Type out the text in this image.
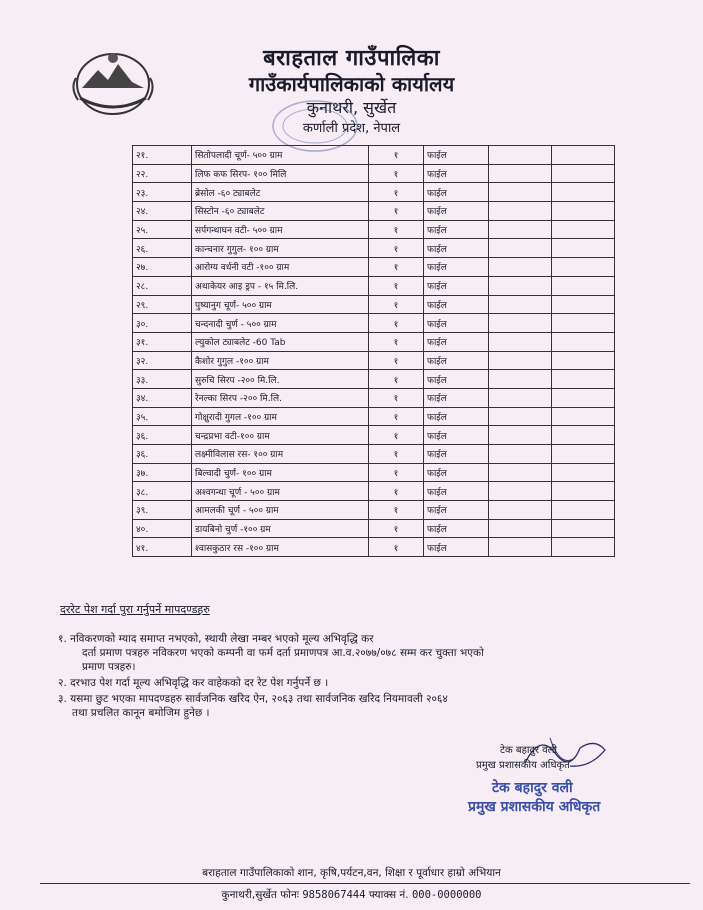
बराहताल गाउँपालिका
गाउँकार्यपालिकाको कार्यालय
कुनाथरी, सुर्खेत
कर्णाली प्रदेश, नेपाल
२१.	सितोपलादी चूर्ण- ५०० ग्राम	१	फाईल		
२२.	लिफ कफ सिरप- १०० मिलि	१	फाईल		
२३.	ब्रेसोल -६० ट्याबलेट	१	फाईल		
२४.	सिस्टोन -६० ट्याबलेट	१	फाईल		
२५.	सर्पगन्धाघन वटी- ५०० ग्राम	१	फाईल		
२६.	कान्चनार गुगुल- १०० ग्राम	१	फाईल		
२७.	आरोग्य वर्धनी वटी -१०० ग्राम	१	फाईल		
२८.	अथाकेयर आइ ड्रप - १५ मि.लि.	१	फाईल		
२९.	पुष्यानुग चूर्ण- ५०० ग्राम	१	फाईल		
३०.	चन्दनादी चुर्ण - ५०० ग्राम	१	फाईल		
३१.	ल्युकोल ट्याबलेट -60 Tab	१	फाईल		
३२.	कैशोर गुगुल -१०० ग्राम	१	फाईल		
३३.	सुरुचि सिरप -२०० मि.लि.	१	फाईल		
३४.	रेनल्का सिरप -२०० मि.लि.	१	फाईल		
३५.	गोक्षुरादी गुगल -१०० ग्राम	१	फाईल		
३६.	चन्द्रप्रभा वटी-१०० ग्राम	१	फाईल		
३६.	लक्ष्मीविलास रस- १०० ग्राम	१	फाईल		
३७.	बिल्वादी चुर्ण- १०० ग्राम	१	फाईल		
३८.	अश्वगन्धा चूर्ण - ५०० ग्राम	१	फाईल		
३९.	आमलकी चूर्ण - ५०० ग्राम	१	फाईल		
४०.	डायबिनो चुर्ण -१०० ग्रम	१	फाईल		
४१.	श्वासकुठार रस -१०० ग्राम	१	फाईल		
दररेट पेश गर्दा पुरा गर्नुपर्ने मापदण्डहरु
१. नविकरणको म्याद समाप्त नभएको, स्थायी लेखा नम्बर भएको मूल्य अभिवृद्धि कर
दर्ता प्रमाण पत्रहरु नविकरण भएको कम्पनी वा फर्म दर्ता प्रमाणपत्र आ.व.२०७७/०७८ सम्म कर चुक्ता भएको
प्रमाण पत्रहरु।
२. दरभाउ पेश गर्दा मूल्य अभिवृद्धि कर वाहेकको दर रेट पेश गर्नुपर्ने छ ।
३. यसमा छुट भएका मापदण्डहरु सार्वजनिक खरिद ऐन, २०६३ तथा सार्वजनिक खरिद नियमावली २०६४
तथा प्रचलित कानून बमोजिम हुनेछ ।
टेक बहादुर वली
प्रमुख प्रशासकीय अधिकृत
टेक बहादुर वली
प्रमुख प्रशासकीय अधिकृत
बराहताल गाउँपालिकाको शान, कृषि,पर्यटन,वन, शिक्षा र पूर्वाधार हाम्रो अभियान
कुनाथरी,सुर्खेत फोनः 9858067444 फ्याक्स नं. 000-0000000
